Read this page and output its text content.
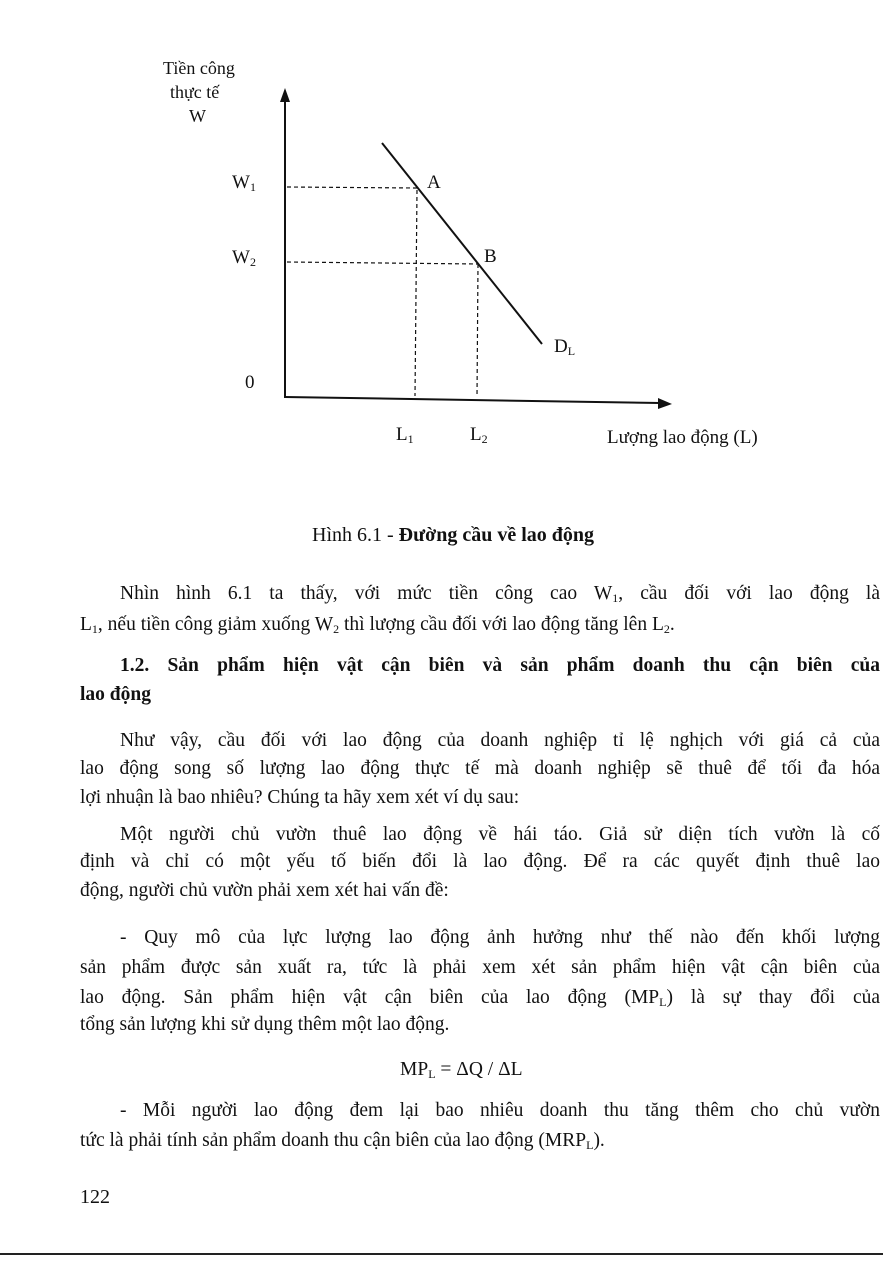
Tiền công
thực tế
W
$W_1$
$W_2$
0
A
B
$D_L$
$L_1$	$L_2$	Lượng lao động (L)
Hình 6.1 - Đường cầu về lao động
Nhìn hình 6.1 ta thấy, với mức tiền công cao $W_1$, cầu đối với lao động là
$L_1$, nếu tiền công giảm xuống $W_2$ thì lượng cầu đối với lao động tăng lên $L_2$.
1.2. Sản phẩm hiện vật cận biên và sản phẩm doanh thu cận biên của
lao động
Như vậy, cầu đối với lao động của doanh nghiệp tỉ lệ nghịch với giá cả của
lao động song số lượng lao động thực tế mà doanh nghiệp sẽ thuê để tối đa hóa
lợi nhuận là bao nhiêu? Chúng ta hãy xem xét ví dụ sau:
Một người chủ vườn thuê lao động về hái táo. Giả sử diện tích vườn là cố
định và chỉ có một yếu tố biến đổi là lao động. Để ra các quyết định thuê lao
động, người chủ vườn phải xem xét hai vấn đề:
- Quy mô của lực lượng lao động ảnh hưởng như thế nào đến khối lượng
sản phẩm được sản xuất ra, tức là phải xem xét sản phẩm hiện vật cận biên của
lao động. Sản phẩm hiện vật cận biên của lao động $(MP_L)$ là sự thay đổi của
tổng sản lượng khi sử dụng thêm một lao động.
$MP_L = \Delta Q / \Delta L$
- Mỗi người lao động đem lại bao nhiêu doanh thu tăng thêm cho chủ vườn
tức là phải tính sản phẩm doanh thu cận biên của lao động $(MRP_L)$.
122
